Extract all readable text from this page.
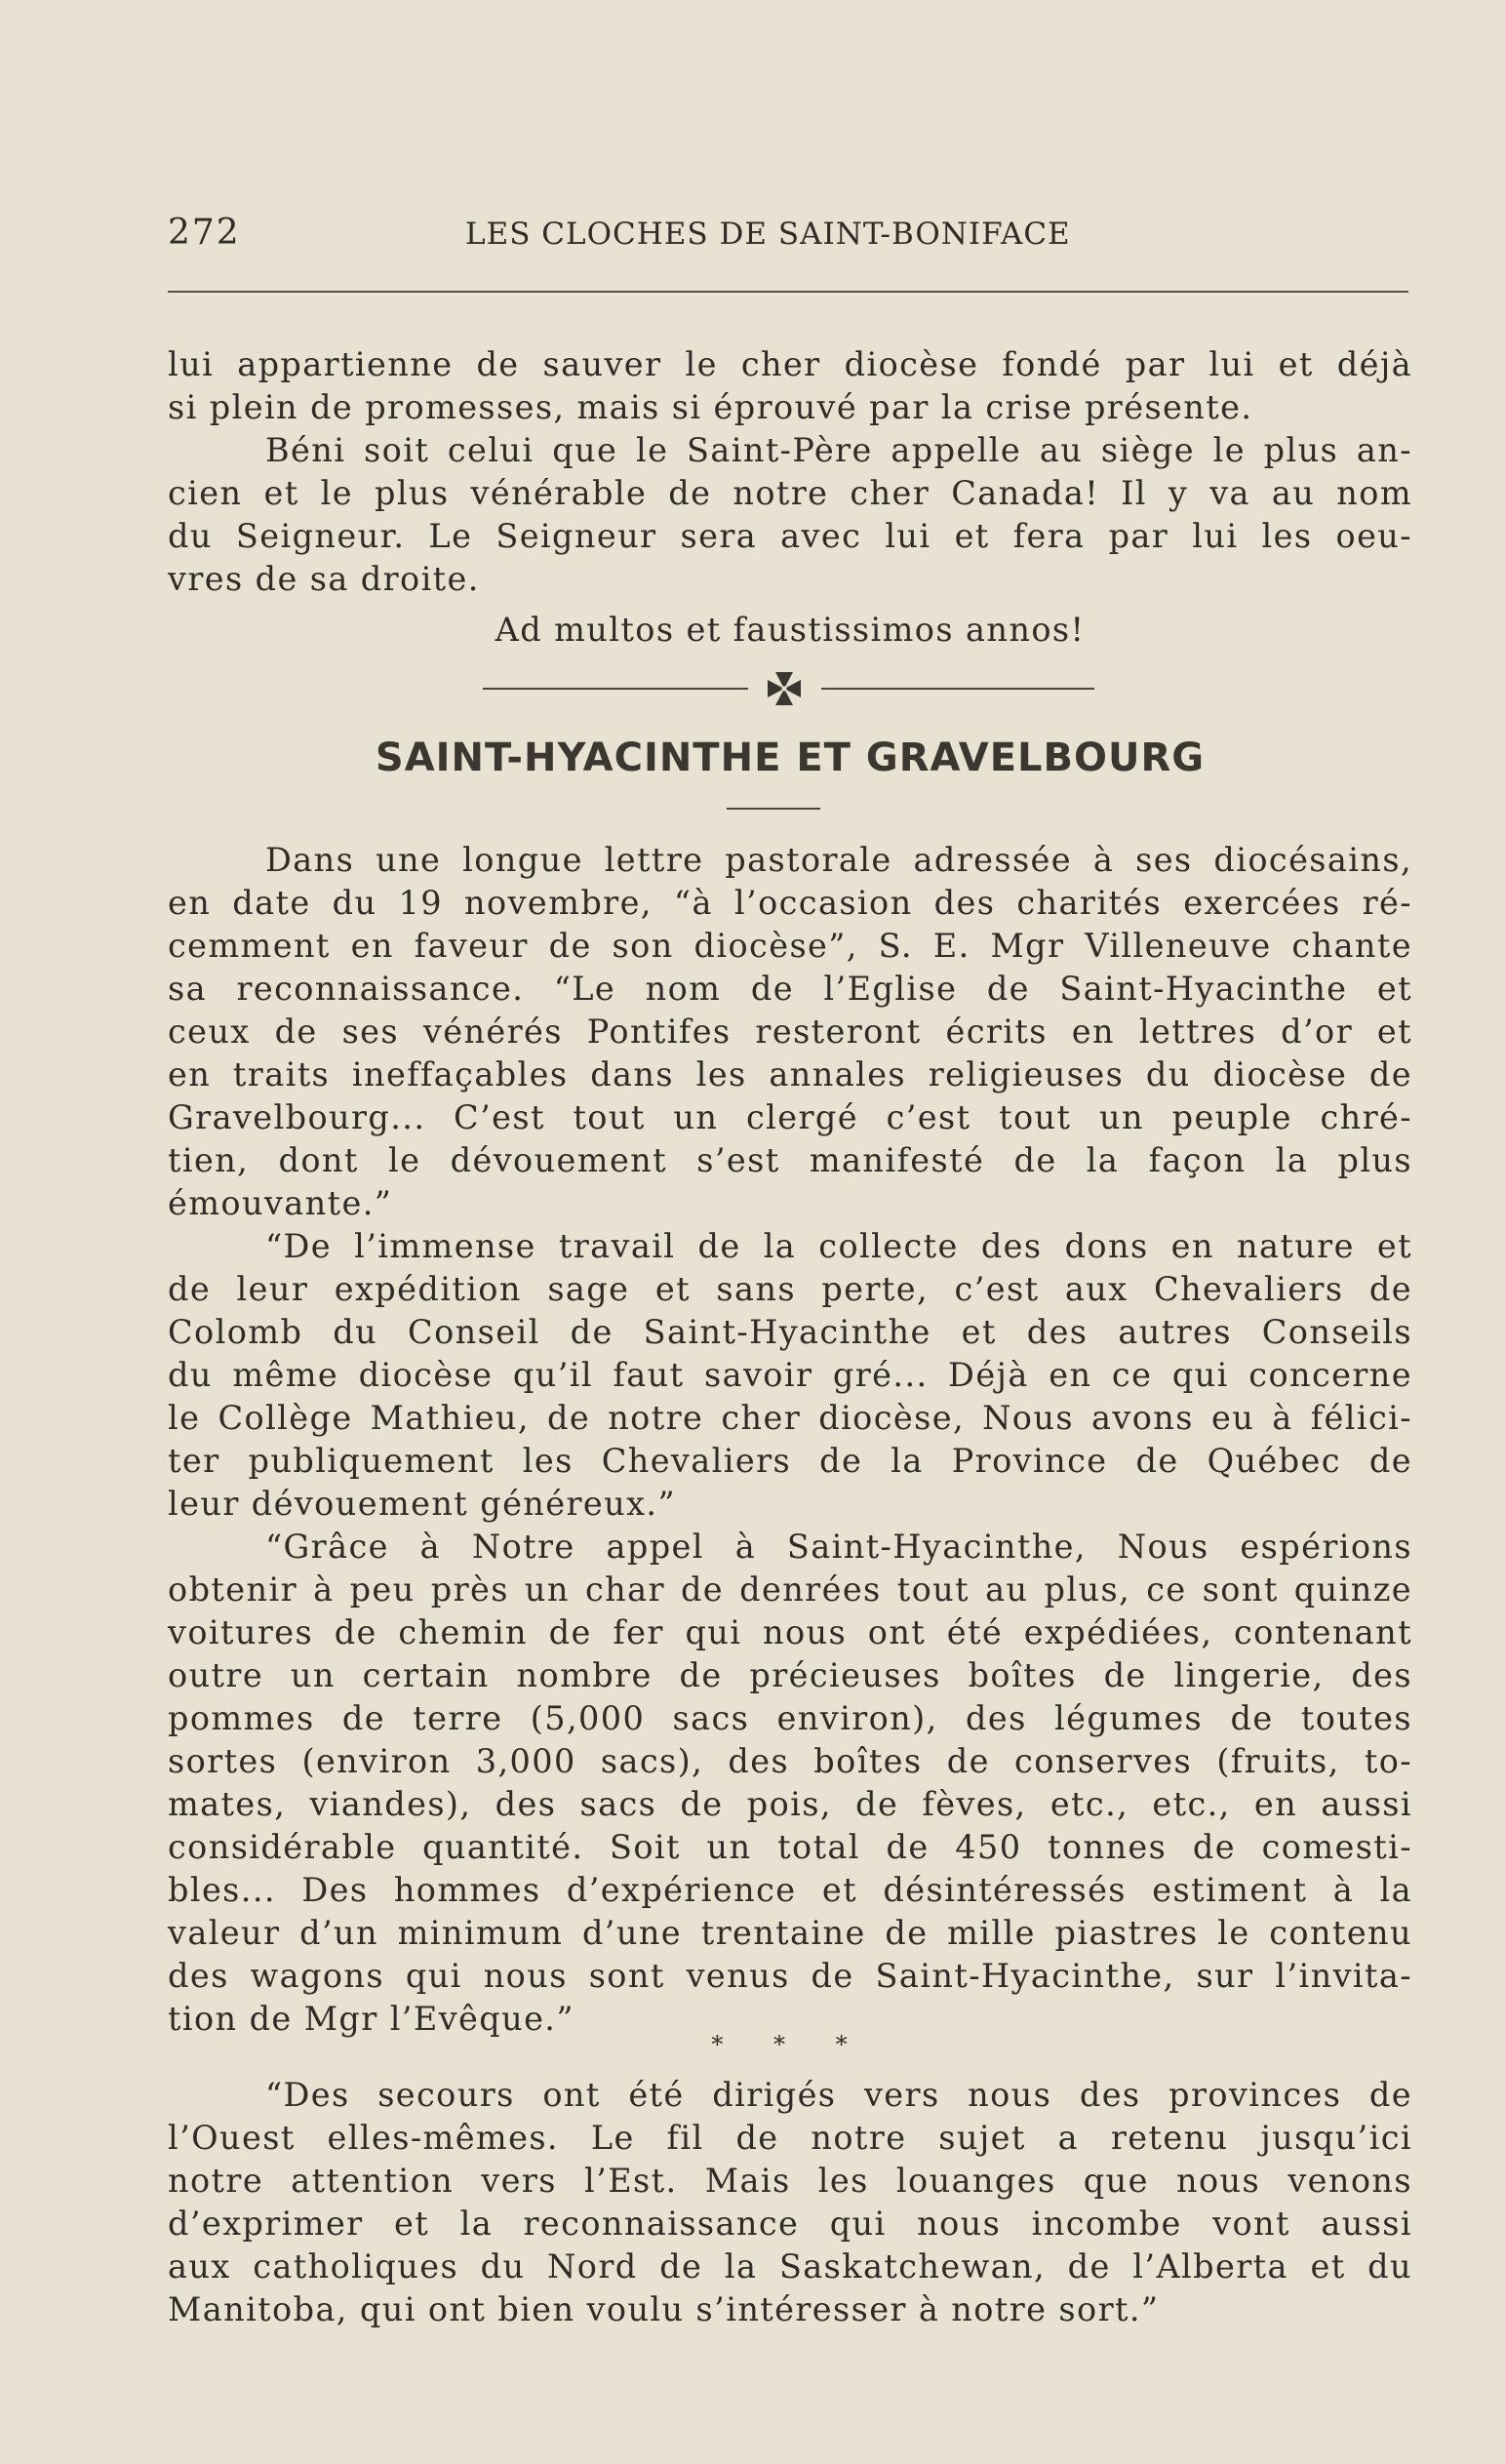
272	LES CLOCHES DE SAINT-BONIFACE

lui appartienne de sauver le cher diocèse fondé par lui et déjà
si plein de promesses, mais si éprouvé par la crise présente.

Béni soit celui que le Saint-Père appelle au siège le plus an-
cien et le plus vénérable de notre cher Canada! Il y va au nom
du Seigneur. Le Seigneur sera avec lui et fera par lui les oeu-
vres de sa droite.

Ad multos et faustissimos annos!
SAINT-HYACINTHE ET GRAVELBOURG

Dans une longue lettre pastorale adressée à ses diocésains,
en date du 19 novembre, “à l’occasion des charités exercées ré-
cemment en faveur de son diocèse”, S. E. Mgr Villeneuve chante
sa reconnaissance. “Le nom de l’Eglise de Saint-Hyacinthe et
ceux de ses vénérés Pontifes resteront écrits en lettres d’or et
en traits ineffaçables dans les annales religieuses du diocèse de
Gravelbourg... C’est tout un clergé c’est tout un peuple chré-
tien, dont le dévouement s’est manifesté de la façon la plus
émouvante.”

“De l’immense travail de la collecte des dons en nature et
de leur expédition sage et sans perte, c’est aux Chevaliers de
Colomb du Conseil de Saint-Hyacinthe et des autres Conseils
du même diocèse qu’il faut savoir gré... Déjà en ce qui concerne
le Collège Mathieu, de notre cher diocèse, Nous avons eu à félici-
ter publiquement les Chevaliers de la Province de Québec de
leur dévouement généreux.”

“Grâce à Notre appel à Saint-Hyacinthe, Nous espérions
obtenir à peu près un char de denrées tout au plus, ce sont quinze
voitures de chemin de fer qui nous ont été expédiées, contenant
outre un certain nombre de précieuses boîtes de lingerie, des
pommes de terre (5,000 sacs environ), des légumes de toutes
sortes (environ 3,000 sacs), des boîtes de conserves (fruits, to-
mates, viandes), des sacs de pois, de fèves, etc., etc., en aussi
considérable quantité. Soit un total de 450 tonnes de comesti-
bles... Des hommes d’expérience et désintéressés estiment à la
valeur d’un minimum d’une trentaine de mille piastres le contenu
des wagons qui nous sont venus de Saint-Hyacinthe, sur l’invita-
tion de Mgr l’Evêque.”

* * *

“Des secours ont été dirigés vers nous des provinces de
l’Ouest elles-mêmes. Le fil de notre sujet a retenu jusqu’ici
notre attention vers l’Est. Mais les louanges que nous venons
d’exprimer et la reconnaissance qui nous incombe vont aussi
aux catholiques du Nord de la Saskatchewan, de l’Alberta et du
Manitoba, qui ont bien voulu s’intéresser à notre sort.”
